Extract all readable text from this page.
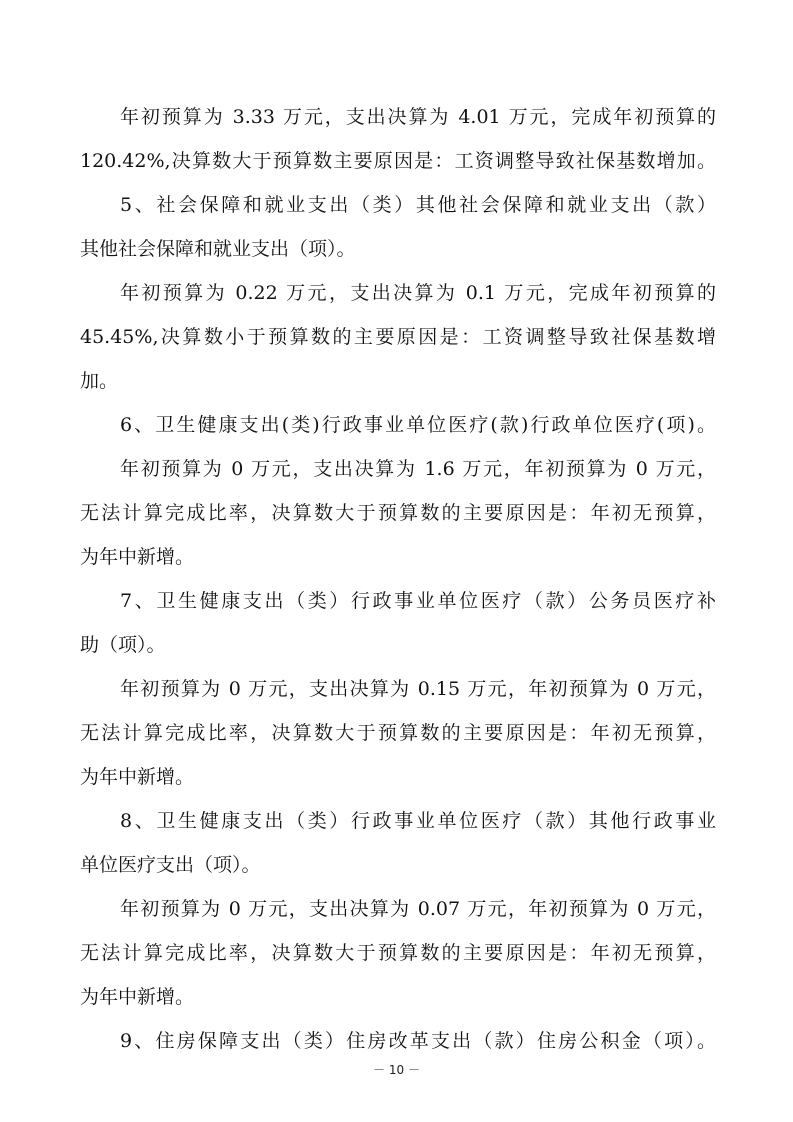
年初预算为 3.33 万元，支出决算为 4.01 万元，完成年初预算的

120.42%,决算数大于预算数主要原因是：工资调整导致社保基数增加。

5、社会保障和就业支出（类）其他社会保障和就业支出（款）

其他社会保障和就业支出（项）。

年初预算为 0.22 万元，支出决算为 0.1 万元，完成年初预算的

45.45%,决算数小于预算数的主要原因是：工资调整导致社保基数增

加。

6、卫生健康支出(类)行政事业单位医疗(款)行政单位医疗(项)。

年初预算为 0 万元，支出决算为 1.6 万元，年初预算为 0 万元，

无法计算完成比率，决算数大于预算数的主要原因是：年初无预算，

为年中新增。

7、卫生健康支出（类）行政事业单位医疗（款）公务员医疗补

助（项）。

年初预算为 0 万元，支出决算为 0.15 万元，年初预算为 0 万元，

无法计算完成比率，决算数大于预算数的主要原因是：年初无预算，

为年中新增。

8、卫生健康支出（类）行政事业单位医疗（款）其他行政事业

单位医疗支出（项）。

年初预算为 0 万元，支出决算为 0.07 万元，年初预算为 0 万元，

无法计算完成比率，决算数大于预算数的主要原因是：年初无预算，

为年中新增。

9、住房保障支出（类）住房改革支出（款）住房公积金（项）。

－ 10 －
